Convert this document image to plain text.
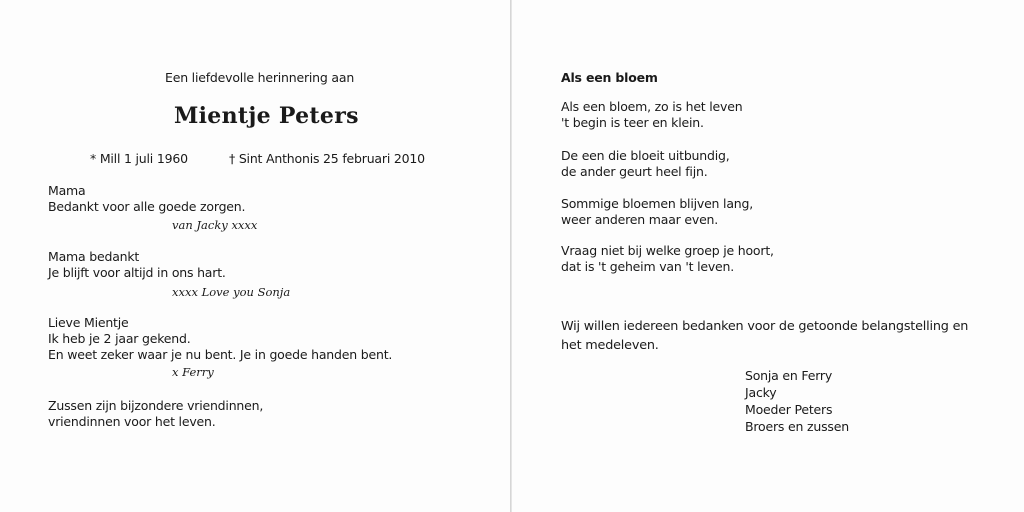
Een liefdevolle herinnering aan
Mientje Peters
* Mill 1 juli 1960	† Sint Anthonis 25 februari 2010
Mama
Bedankt voor alle goede zorgen.
van Jacky xxxx
Mama bedankt
Je blijft voor altijd in ons hart.
xxxx Love you Sonja
Lieve Mientje
Ik heb je 2 jaar gekend.
En weet zeker waar je nu bent. Je in goede handen bent.
x Ferry
Zussen zijn bijzondere vriendinnen,
vriendinnen voor het leven.
Als een bloem
Als een bloem, zo is het leven
't begin is teer en klein.
De een die bloeit uitbundig,
de ander geurt heel fijn.
Sommige bloemen blijven lang,
weer anderen maar even.
Vraag niet bij welke groep je hoort,
dat is 't geheim van 't leven.
Wij willen iedereen bedanken voor de getoonde belangstelling en
het medeleven.
Sonja en Ferry
Jacky
Moeder Peters
Broers en zussen
